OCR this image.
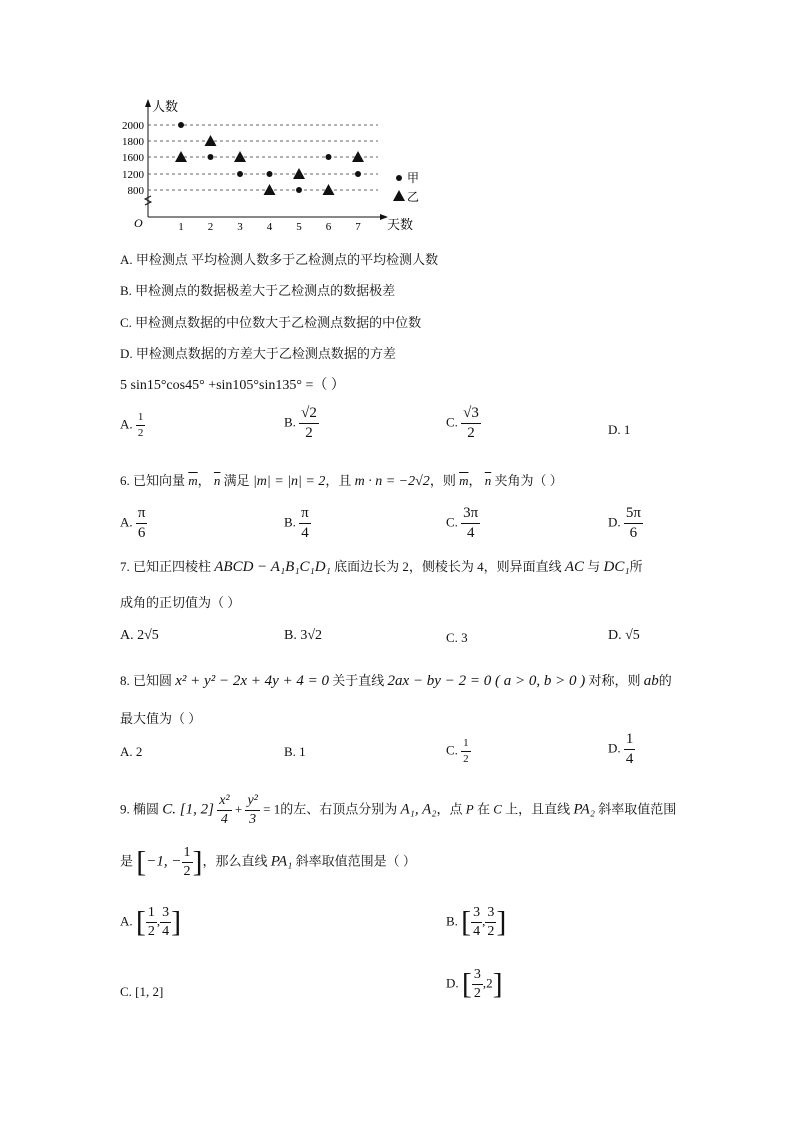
人数
天数
O
2000
1800
1600
1200
800
1 2 3 4 5 6 7
甲
乙
A. 甲检测点 平均检测人数多于乙检测点的平均检测人数
B. 甲检测点的数据极差大于乙检测点的数据极差
C. 甲检测点数据的中位数大于乙检测点数据的中位数
D. 甲检测点数据的方差大于乙检测点数据的方差
5 sin15°cos45° +sin105°sin135° =（ ）
A. $\frac{1}{2}$	B. $\frac{√2}{2}$	C. $\frac{√3}{2}$	D. 1
6. 已知向量 $\overline{m}$， $\overline{n}$ 满足 |m| = |n| = 2，且 m · n = −2√2，则 $\overline{m}$， $\overline{n}$ 夹角为（ ）
A. $\frac{\pi}{6}$	B. $\frac{\pi}{4}$	C. $\frac{3\pi}{4}$	D. $\frac{5\pi}{6}$
7. 已知正四棱柱 ABCD − A₁B₁C₁D₁ 底面边长为 2，侧棱长为 4，则异面直线 AC 与 DC₁所
成角的正切值为（ ）
A. 2√5	B. 3√2	C. 3	D. √5
8. 已知圆 x² + y² − 2x + 4y + 4 = 0 关于直线 2ax − by − 2 = 0 ( a > 0, b > 0 ) 对称，则 ab的
最大值为（ ）
A. 2	B. 1	C. $\frac{1}{2}$	D. $\frac{1}{4}$
9. 椭圆 C. [1, $2] \frac{\text{x²}}{4} + \frac{\text{y²}}{3} = 1$的左、右顶点分别为 A₁, A₂，点 P 在 C 上，且直线 PA₂ 斜率取值范围
是 [−1, − $\frac{1}{2}$ ]，那么直线 PA₁ 斜率取值范围是（ ）
A. [ $\frac{1}{2}$ , $\frac{3}{4}$ ]	B. [ $\frac{3}{4}$ , $\frac{3}{2}$ ]
C. [1, 2]
D. [ $\frac{3}{2} ,2$]
